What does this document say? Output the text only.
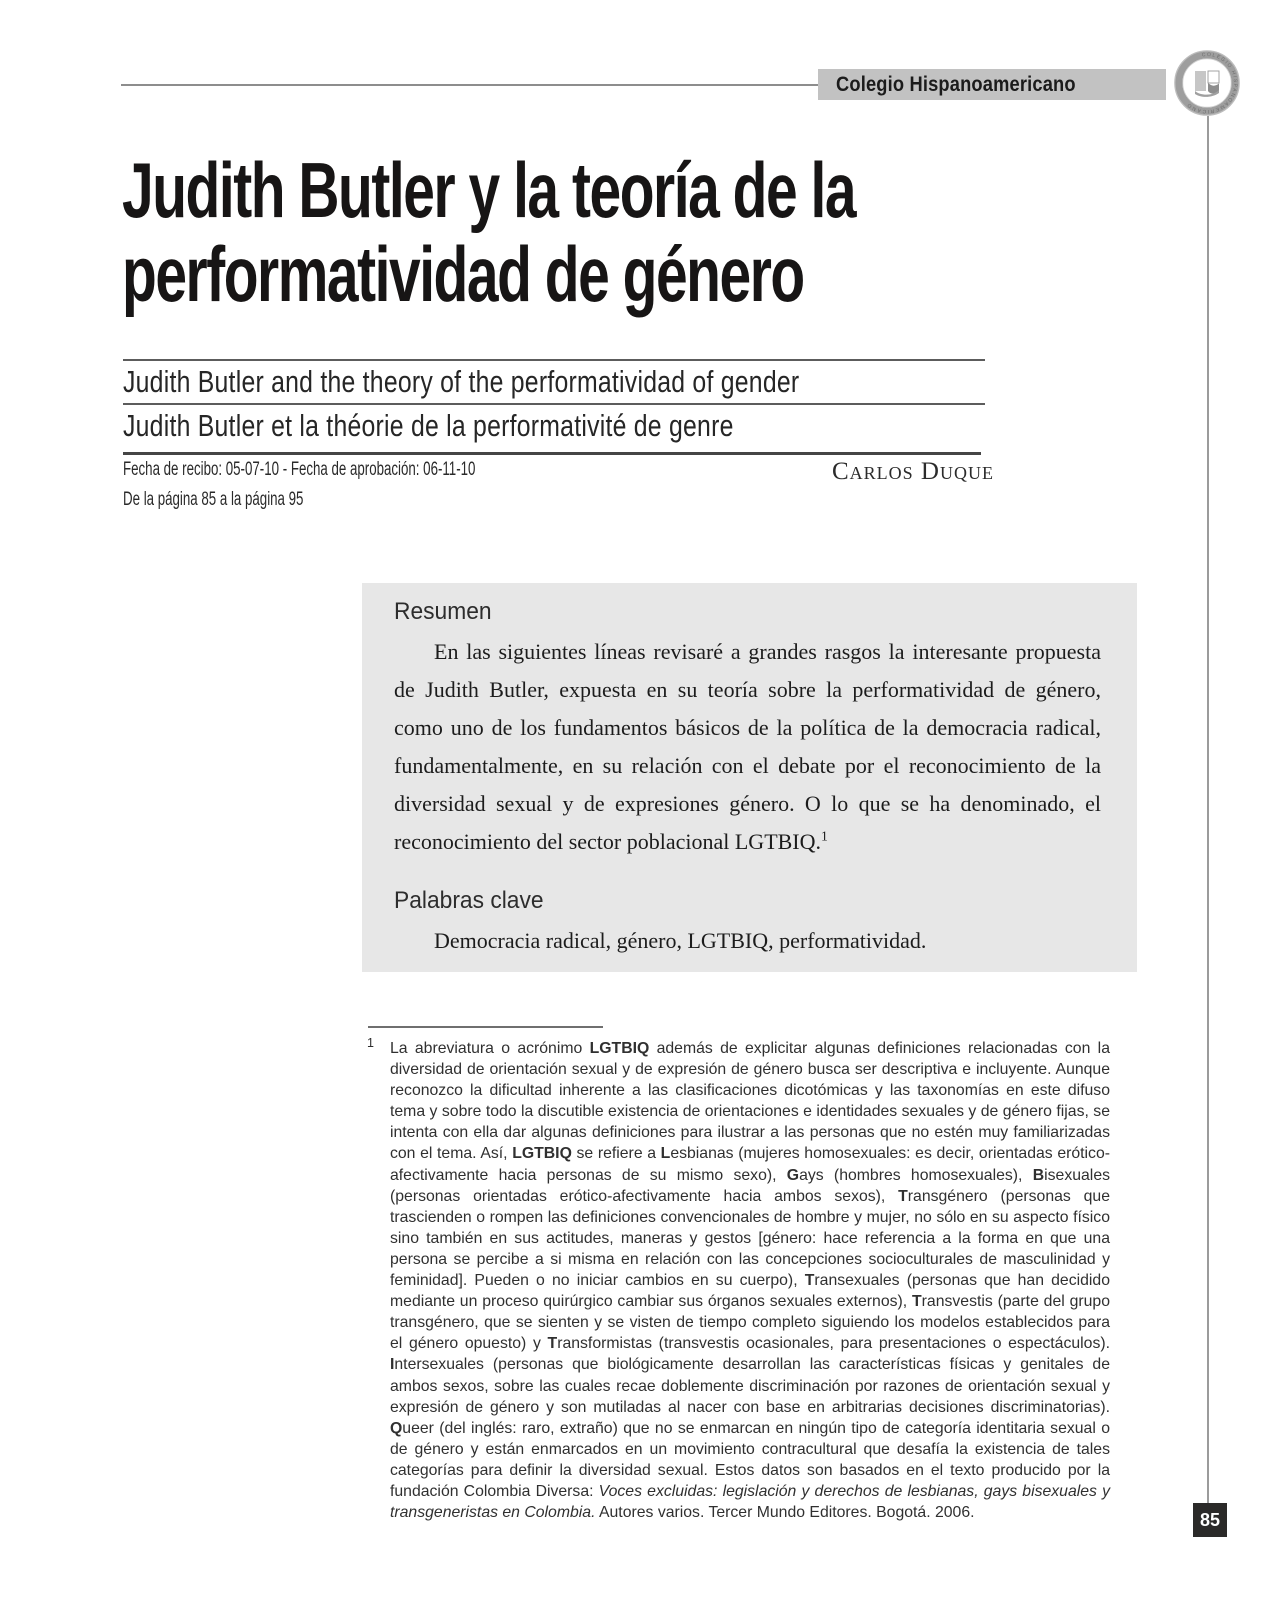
Colegio Hispanoamericano
COLEGIO HISPANOAMERICANO
Judith Butler y la teoría de la
performatividad de género
Judith Butler and the theory of the performatividad of gender
Judith Butler et la théorie de la performativité de genre
Fecha de recibo: 05-07-10 - Fecha de aprobación: 06-11-10	Carlos Duque
De la página 85 a la página 95
Resumen
En las siguientes líneas revisaré a grandes rasgos la interesante propuesta de Judith Butler, expuesta en su teoría sobre la performatividad de género, como uno de los fundamentos básicos de la política de la democracia radical, fundamentalmente, en su relación con el debate por el reconocimiento de la diversidad sexual y de expresiones género. O lo que se ha denominado, el reconocimiento del sector poblacional LGTBIQ.$^1$
Palabras clave
Democracia radical, género, LGTBIQ, performatividad.
1 La abreviatura o acrónimo LGTBIQ además de explicitar algunas definiciones relacionadas con la diversidad de orientación sexual y de expresión de género busca ser descriptiva e incluyente. Aunque reconozco la dificultad inherente a las clasificaciones dicotómicas y las taxonomías en este difuso tema y sobre todo la discutible existencia de orientaciones e identidades sexuales y de género fijas, se intenta con ella dar algunas definiciones para ilustrar a las personas que no estén muy familiarizadas con el tema. Así, LGTBIQ se refiere a Lesbianas (mujeres homosexuales: es decir, orientadas erótico-afectivamente hacia personas de su mismo sexo), Gays (hombres homosexuales), Bisexuales (personas orientadas erótico-afectivamente hacia ambos sexos), Transgénero (personas que trascienden o rompen las definiciones convencionales de hombre y mujer, no sólo en su aspecto físico sino también en sus actitudes, maneras y gestos [género: hace referencia a la forma en que una persona se percibe a si misma en relación con las concepciones socioculturales de masculinidad y feminidad]. Pueden o no iniciar cambios en su cuerpo), Transexuales (personas que han decidido mediante un proceso quirúrgico cambiar sus órganos sexuales externos), Transvestis (parte del grupo transgénero, que se sienten y se visten de tiempo completo siguiendo los modelos establecidos para el género opuesto) y Transformistas (transvestis ocasionales, para presentaciones o espectáculos). Intersexuales (personas que biológicamente desarrollan las características físicas y genitales de ambos sexos, sobre las cuales recae doblemente discriminación por razones de orientación sexual y expresión de género y son mutiladas al nacer con base en arbitrarias decisiones discriminatorias). Queer (del inglés: raro, extraño) que no se enmarcan en ningún tipo de categoría identitaria sexual o de género y están enmarcados en un movimiento contracultural que desafía la existencia de tales categorías para definir la diversidad sexual. Estos datos son basados en el texto producido por la fundación Colombia Diversa: Voces excluidas: legislación y derechos de lesbianas, gays bisexuales y transgeneristas en Colombia. Autores varios. Tercer Mundo Editores. Bogotá. 2006.	85
